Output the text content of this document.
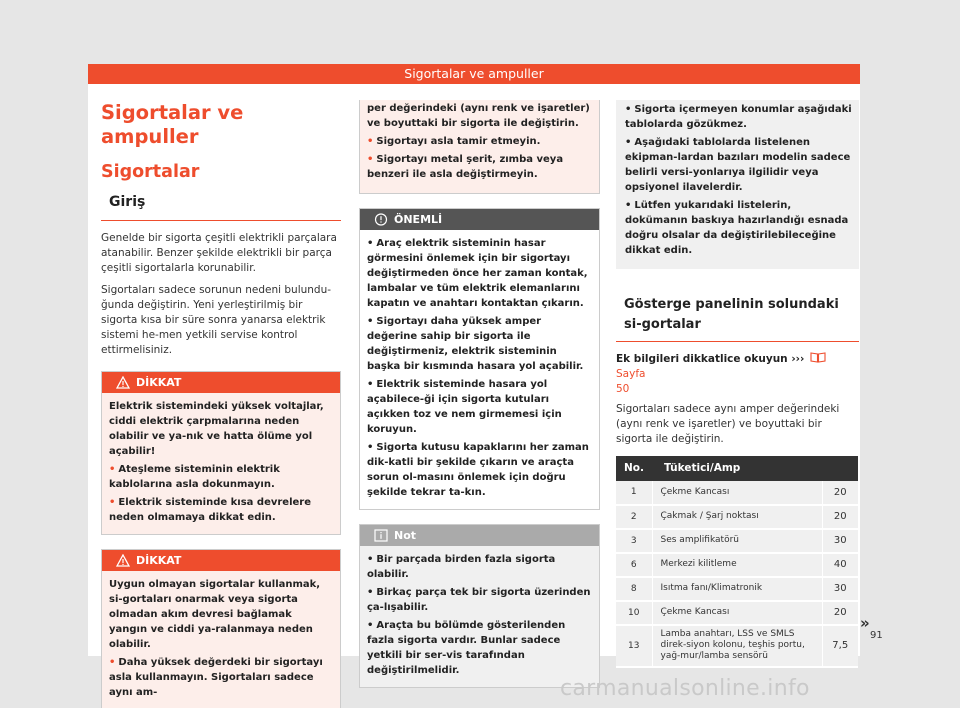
Sigortalar ve ampuller
Sigortalar ve ampuller
Sigortalar
Giriş

Genelde bir sigorta çeşitli elektrikli parçalara atanabilir. Benzer şekilde elektrikli bir parça çeşitli sigortalarla korunabilir.

Sigortaları sadece sorunun nedeni bulundu-ğunda değiştirin. Yeni yerleştirilmiş bir sigorta kısa bir süre sonra yanarsa elektrik sistemi he-men yetkili servise kontrol ettirmelisiniz.

DİKKAT

Elektrik sistemindeki yüksek voltajlar, ciddi elektrik çarpmalarına neden olabilir ve ya-nık ve hatta ölüme yol açabilir!

• Ateşleme sisteminin elektrik kablolarına asla dokunmayın.

• Elektrik sisteminde kısa devrelere neden olmamaya dikkat edin.

DİKKAT

Uygun olmayan sigortalar kullanmak, si-gortaları onarmak veya sigorta olmadan akım devresi bağlamak yangın ve ciddi ya-ralanmaya neden olabilir.

• Daha yüksek değerdeki bir sigortayı asla kullanmayın. Sigortaları sadece aynı am-

per değerindeki (aynı renk ve işaretler) ve boyuttaki bir sigorta ile değiştirin.

• Sigortayı asla tamir etmeyin.

• Sigortayı metal şerit, zımba veya benzeri ile asla değiştirmeyin.

ÖNEMLİ

• Araç elektrik sisteminin hasar görmesini önlemek için bir sigortayı değiştirmeden önce her zaman kontak, lambalar ve tüm elektrik elemanlarını kapatın ve anahtarı kontaktan çıkarın.

• Sigortayı daha yüksek amper değerine sahip bir sigorta ile değiştirmeniz, elektrik sisteminin başka bir kısmında hasara yol açabilir.

• Elektrik sisteminde hasara yol açabilece-ği için sigorta kutuları açıkken toz ve nem girmemesi için koruyun.

• Sigorta kutusu kapaklarını her zaman dik-katli bir şekilde çıkarın ve araçta sorun ol-masını önlemek için doğru şekilde tekrar ta-kın.

Not

• Bir parçada birden fazla sigorta olabilir.

• Birkaç parça tek bir sigorta üzerinden ça-lışabilir.

• Araçta bu bölümde gösterilenden fazla sigorta vardır. Bunlar sadece yetkili bir ser-vis tarafından değiştirilmelidir.

• Sigorta içermeyen konumlar aşağıdaki tablolarda gözükmez.

• Aşağıdaki tablolarda listelenen ekipman-lardan bazıları modelin sadece belirli versi-yonlarıya ilgilidir veya opsiyonel ilavelerdir.

• Lütfen yukarıdaki listelerin, dokümanın baskıya hazırlandığı esnada doğru olsalar da değiştirilebileceğine dikkat edin.

Gösterge panelinin solundaki si-gortalar

Ek bilgileri dikkatlice okuyun ›››  Sayfa
50

Sigortaları sadece aynı amper değerindeki (aynı renk ve işaretler) ve boyuttaki bir sigorta ile değiştirin.

No.	Tüketici/Amp	
1	Çekme Kancası	20
2	Çakmak / Şarj noktası	20
3	Ses amplifikatörü	30
6	Merkezi kilitleme	40
8	Isıtma fanı/Klimatronik	30
10	Çekme Kancası	20
13	Lamba anahtarı, LSS ve SMLS direk-siyon kolonu, teşhis portu, yağ-mur/lamba sensörü	7,5
»
91
carmanualsonline.info
